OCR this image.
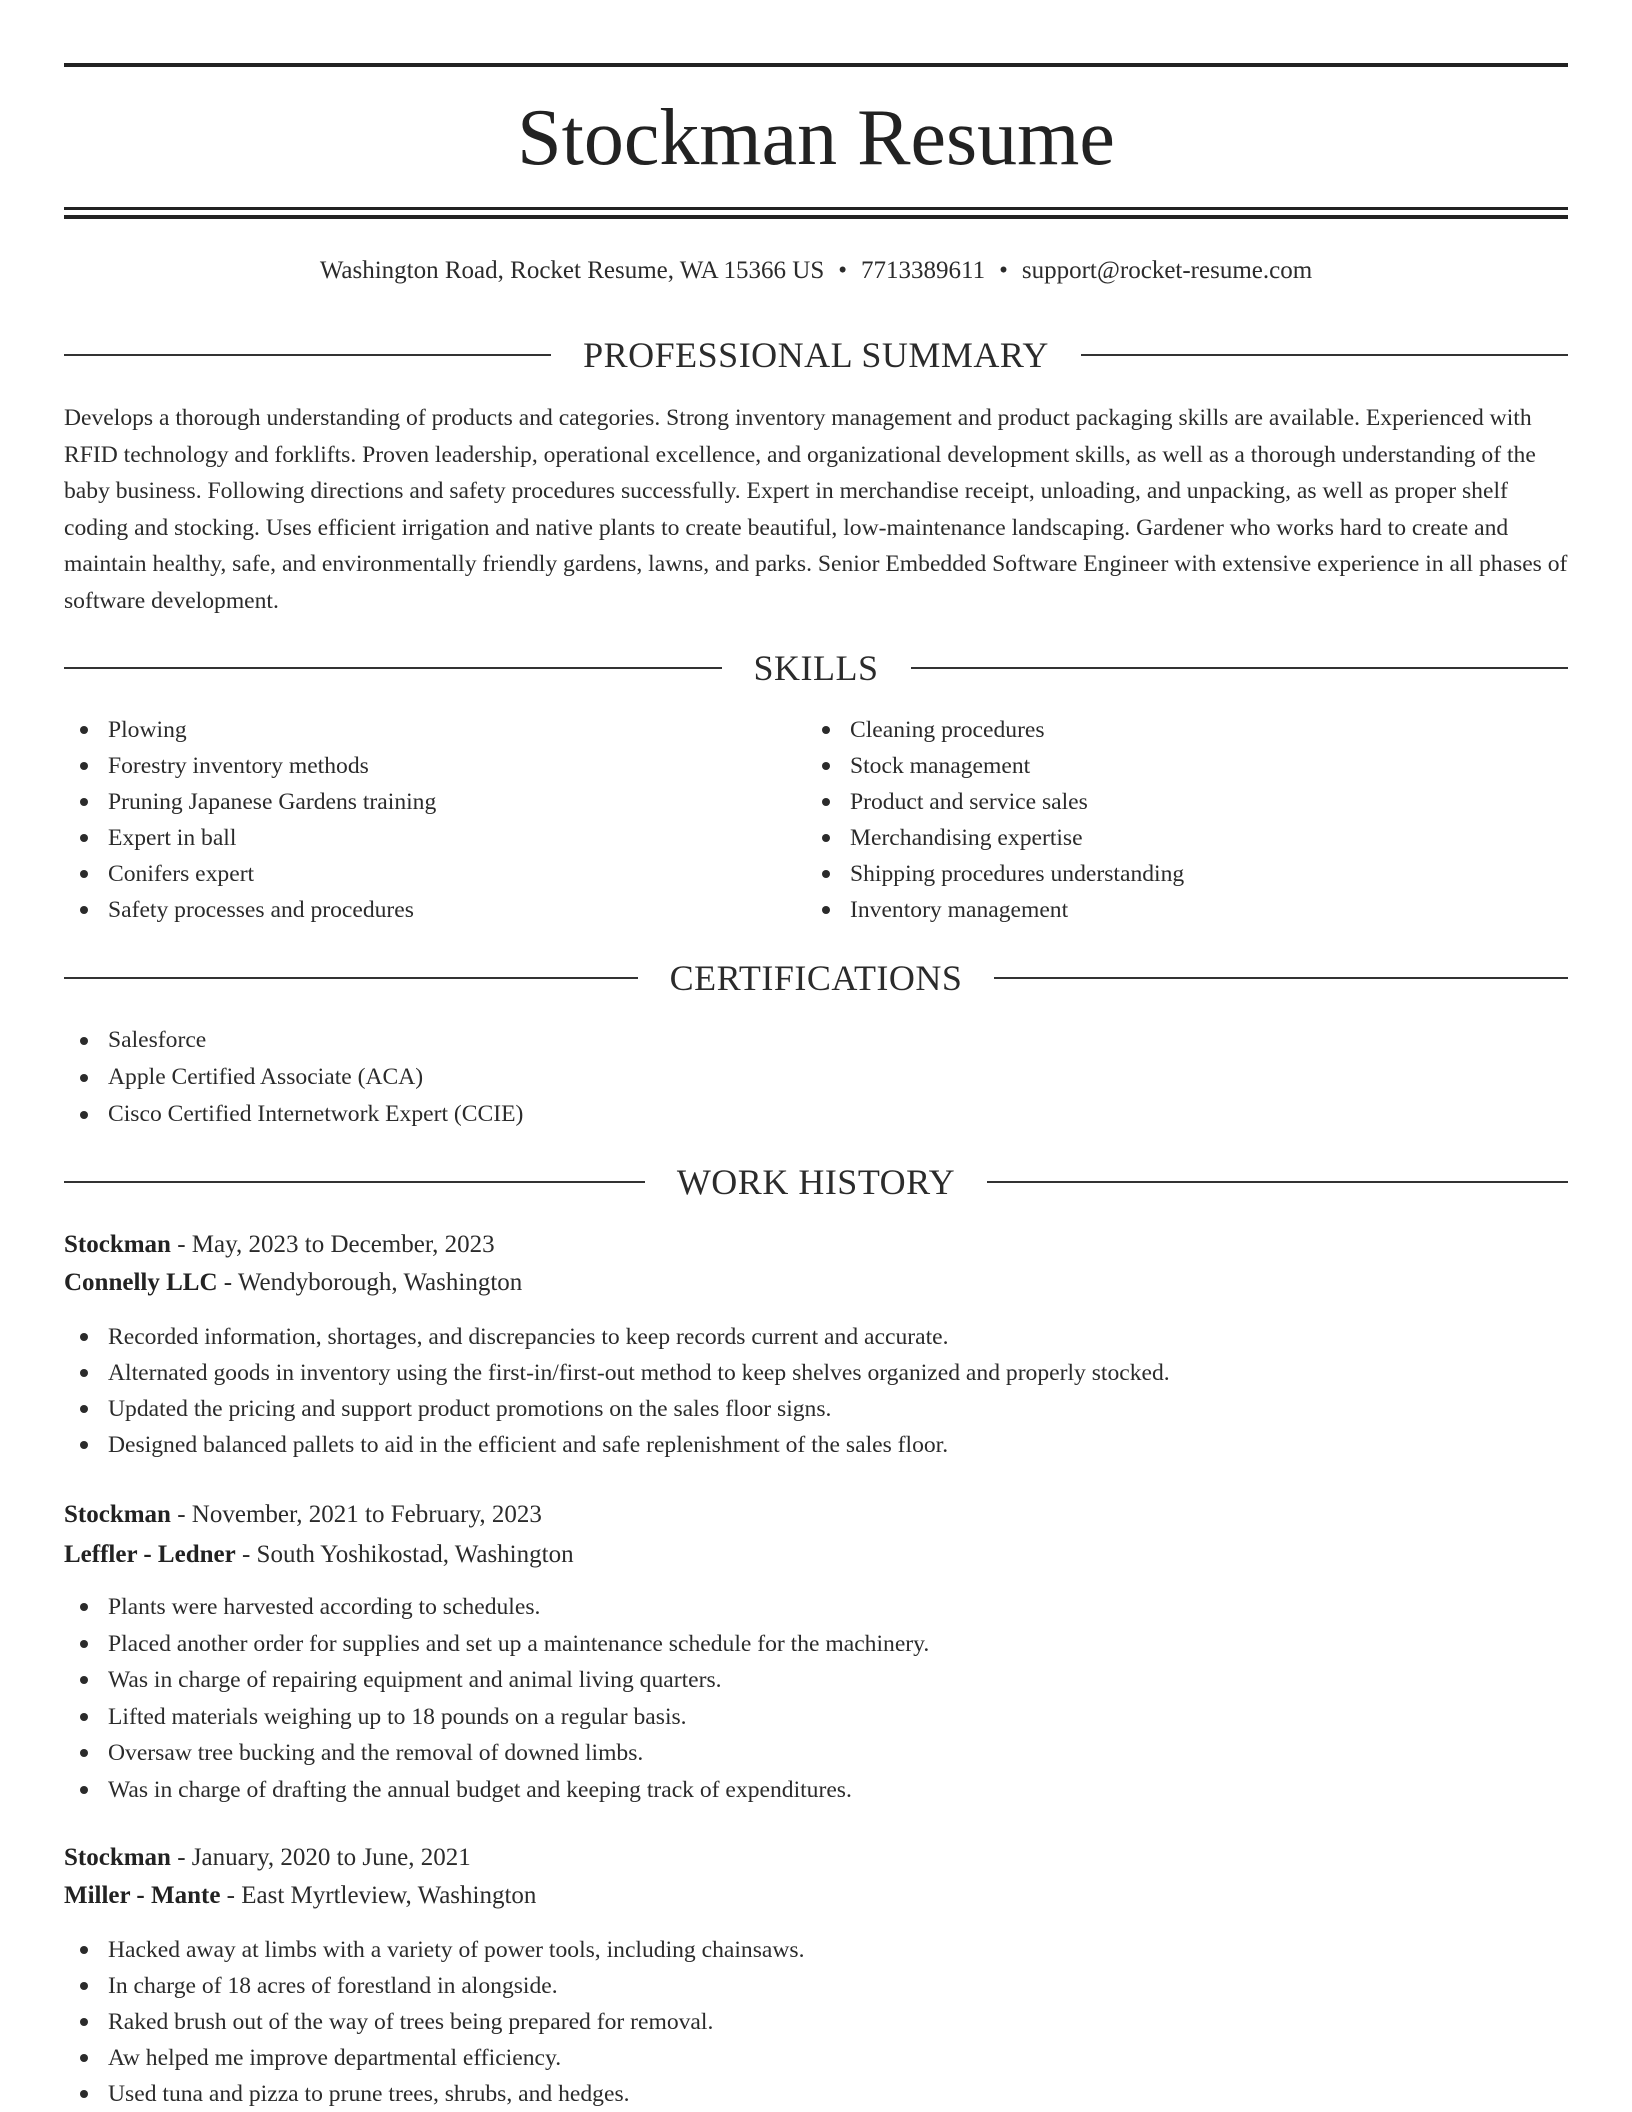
Stockman Resume
Washington Road, Rocket Resume, WA 15366 US • 7713389611 • support@rocket-resume.com
PROFESSIONAL SUMMARY

Develops a thorough understanding of products and categories. Strong inventory management and product packaging skills are available. Experienced with RFID technology and forklifts. Proven leadership, operational excellence, and organizational development skills, as well as a thorough understanding of the baby business. Following directions and safety procedures successfully. Expert in merchandise receipt, unloading, and unpacking, as well as proper shelf coding and stocking. Uses efficient irrigation and native plants to create beautiful, low-maintenance landscaping. Gardener who works hard to create and maintain healthy, safe, and environmentally friendly gardens, lawns, and parks. Senior Embedded Software Engineer with extensive experience in all phases of software development.

SKILLS
Plowing
Forestry inventory methods
Pruning Japanese Gardens training
Expert in ball
Conifers expert
Safety processes and procedures
Cleaning procedures
Stock management
Product and service sales
Merchandising expertise
Shipping procedures understanding
Inventory management
CERTIFICATIONS
Salesforce
Apple Certified Associate (ACA)
Cisco Certified Internetwork Expert (CCIE)
WORK HISTORY
Stockman - May, 2023 to December, 2023
Connelly LLC - Wendyborough, Washington
Recorded information, shortages, and discrepancies to keep records current and accurate.
Alternated goods in inventory using the first-in/first-out method to keep shelves organized and properly stocked.
Updated the pricing and support product promotions on the sales floor signs.
Designed balanced pallets to aid in the efficient and safe replenishment of the sales floor.
Stockman - November, 2021 to February, 2023
Leffler - Ledner - South Yoshikostad, Washington
Plants were harvested according to schedules.
Placed another order for supplies and set up a maintenance schedule for the machinery.
Was in charge of repairing equipment and animal living quarters.
Lifted materials weighing up to 18 pounds on a regular basis.
Oversaw tree bucking and the removal of downed limbs.
Was in charge of drafting the annual budget and keeping track of expenditures.
Stockman - January, 2020 to June, 2021
Miller - Mante - East Myrtleview, Washington
Hacked away at limbs with a variety of power tools, including chainsaws.
In charge of 18 acres of forestland in alongside.
Raked brush out of the way of trees being prepared for removal.
Aw helped me improve departmental efficiency.
Used tuna and pizza to prune trees, shrubs, and hedges.
